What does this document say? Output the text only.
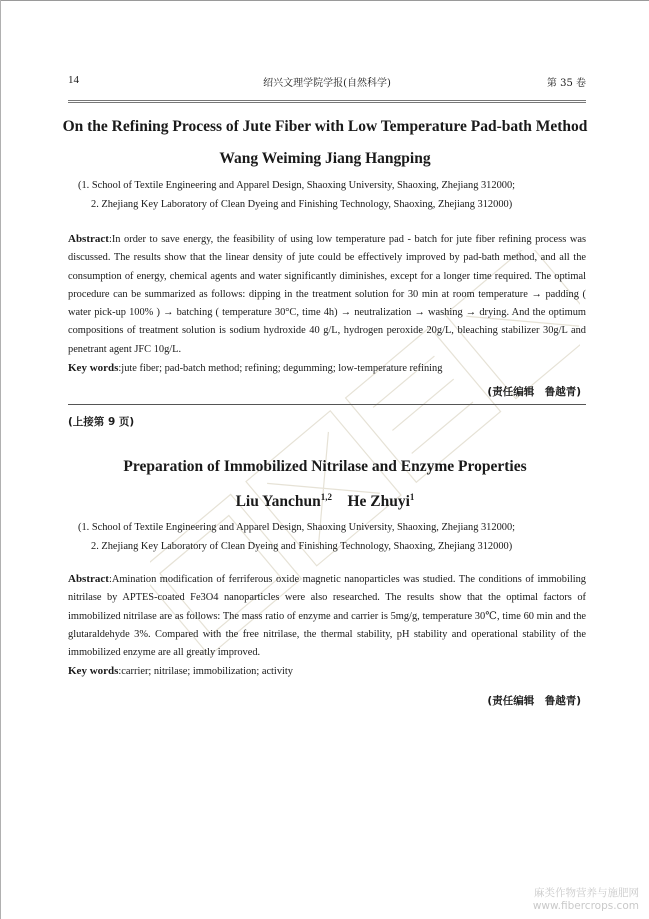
14	绍兴文理学院学报(自然科学)	第 35 卷
On the Refining Process of Jute Fiber with Low Temperature Pad-bath Method
Wang Weiming Jiang Hangping
(1. School of Textile Engineering and Apparel Design, Shaoxing University, Shaoxing, Zhejiang 312000;
2. Zhejiang Key Laboratory of Clean Dyeing and Finishing Technology, Shaoxing, Zhejiang 312000)
Abstract:In order to save energy, the feasibility of using low temperature pad - batch for jute fiber refining process was discussed. The results show that the linear density of jute could be effectively improved by pad-bath method, and all the consumption of energy, chemical agents and water significantly diminishes, except for a longer time required. The optimal procedure can be summarized as follows: dipping in the treatment solution for 30 min at room temperature → padding ( water pick-up 100% ) → batching ( temperature 30°C, time 4h) → neutralization → washing → drying. And the optimum compositions of treatment solution is sodium hydroxide 40 g/L, hydrogen peroxide 20g/L, bleaching stabilizer 30g/L and penetrant agent JFC 10g/L.
Key words:jute fiber; pad-batch method; refining; degumming; low-temperature refining
(责任编辑　鲁越青)
(上接第 9 页)
Preparation of Immobilized Nitrilase and Enzyme Properties
Liu Yanchun$^{1,2}$ He Zhuyi$^1$
(1. School of Textile Engineering and Apparel Design, Shaoxing University, Shaoxing, Zhejiang 312000;
2. Zhejiang Key Laboratory of Clean Dyeing and Finishing Technology, Shaoxing, Zhejiang 312000)
Abstract:Amination modification of ferriferous oxide magnetic nanoparticles was studied. The conditions of immobiling nitrilase by APTES-coated Fe3O4 nanoparticles were also researched. The results show that the optimal factors of immobilized nitrilase are as follows: The mass ratio of enzyme and carrier is 5mg/g, temperature 30℃, time 60 min and the glutaraldehyde 3%. Compared with the free nitrilase, the thermal stability, pH stability and operational stability of the immobilized enzyme are all greatly improved.
Key words:carrier; nitrilase; immobilization; activity
(责任编辑　鲁越青)
麻类作物营养与施肥网
www.fibercrops.com
